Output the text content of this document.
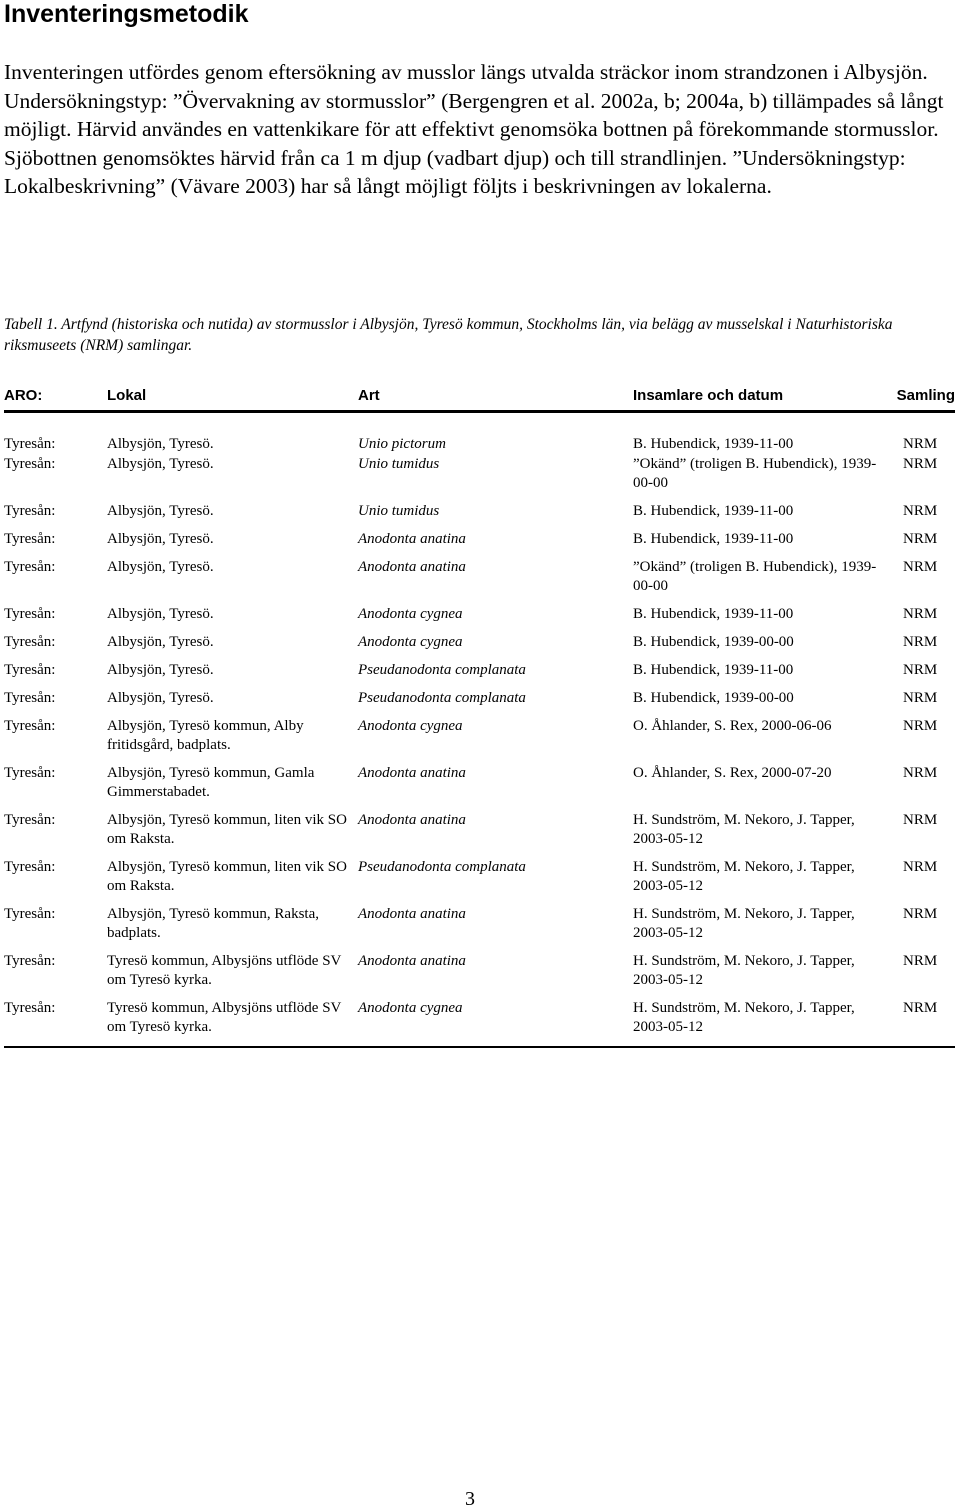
Inventeringsmetodik

Inventeringen utfördes genom eftersökning av musslor längs utvalda sträckor inom strandzonen i Albysjön. Undersökningstyp: ”Övervakning av stormusslor” (Bergengren et al. 2002a, b; 2004a, b) tillämpades så långt möjligt. Härvid användes en vattenkikare för att effektivt genomsöka bottnen på förekommande stormusslor. Sjöbottnen genomsöktes härvid från ca 1 m djup (vadbart djup) och till strandlinjen. ”Undersökningstyp: Lokalbeskrivning” (Vävare 2003) har så långt möjligt följts i beskrivningen av lokalerna.

Tabell 1. Artfynd (historiska och nutida) av stormusslor i Albysjön, Tyresö kommun, Stockholms län, via belägg av musselskal i Naturhistoriska riksmuseets (NRM) samlingar.

ARO:	Lokal	Art	Insamlare och datum	Samling
Tyresån:	Albysjön, Tyresö.	Unio pictorum	B. Hubendick, 1939-11-00	NRM
Tyresån:	Albysjön, Tyresö.	Unio tumidus	”Okänd” (troligen B. Hubendick), 1939-00-00	NRM
Tyresån:	Albysjön, Tyresö.	Unio tumidus	B. Hubendick, 1939-11-00	NRM
Tyresån:	Albysjön, Tyresö.	Anodonta anatina	B. Hubendick, 1939-11-00	NRM
Tyresån:	Albysjön, Tyresö.	Anodonta anatina	”Okänd” (troligen B. Hubendick), 1939-00-00	NRM
Tyresån:	Albysjön, Tyresö.	Anodonta cygnea	B. Hubendick, 1939-11-00	NRM
Tyresån:	Albysjön, Tyresö.	Anodonta cygnea	B. Hubendick, 1939-00-00	NRM
Tyresån:	Albysjön, Tyresö.	Pseudanodonta complanata	B. Hubendick, 1939-11-00	NRM
Tyresån:	Albysjön, Tyresö.	Pseudanodonta complanata	B. Hubendick, 1939-00-00	NRM
Tyresån:	Albysjön, Tyresö kommun, Alby fritidsgård, badplats.	Anodonta cygnea	O. Åhlander, S. Rex, 2000-06-06	NRM
Tyresån:	Albysjön, Tyresö kommun, Gamla Gimmerstabadet.	Anodonta anatina	O. Åhlander, S. Rex, 2000-07-20	NRM
Tyresån:	Albysjön, Tyresö kommun, liten vik SO om Raksta.	Anodonta anatina	H. Sundström, M. Nekoro, J. Tapper, 2003-05-12	NRM
Tyresån:	Albysjön, Tyresö kommun, liten vik SO om Raksta.	Pseudanodonta complanata	H. Sundström, M. Nekoro, J. Tapper, 2003-05-12	NRM
Tyresån:	Albysjön, Tyresö kommun, Raksta, badplats.	Anodonta anatina	H. Sundström, M. Nekoro, J. Tapper, 2003-05-12	NRM
Tyresån:	Tyresö kommun, Albysjöns utflöde SV om Tyresö kyrka.	Anodonta anatina	H. Sundström, M. Nekoro, J. Tapper, 2003-05-12	NRM
Tyresån:	Tyresö kommun, Albysjöns utflöde SV om Tyresö kyrka.	Anodonta cygnea	H. Sundström, M. Nekoro, J. Tapper, 2003-05-12	NRM
3
